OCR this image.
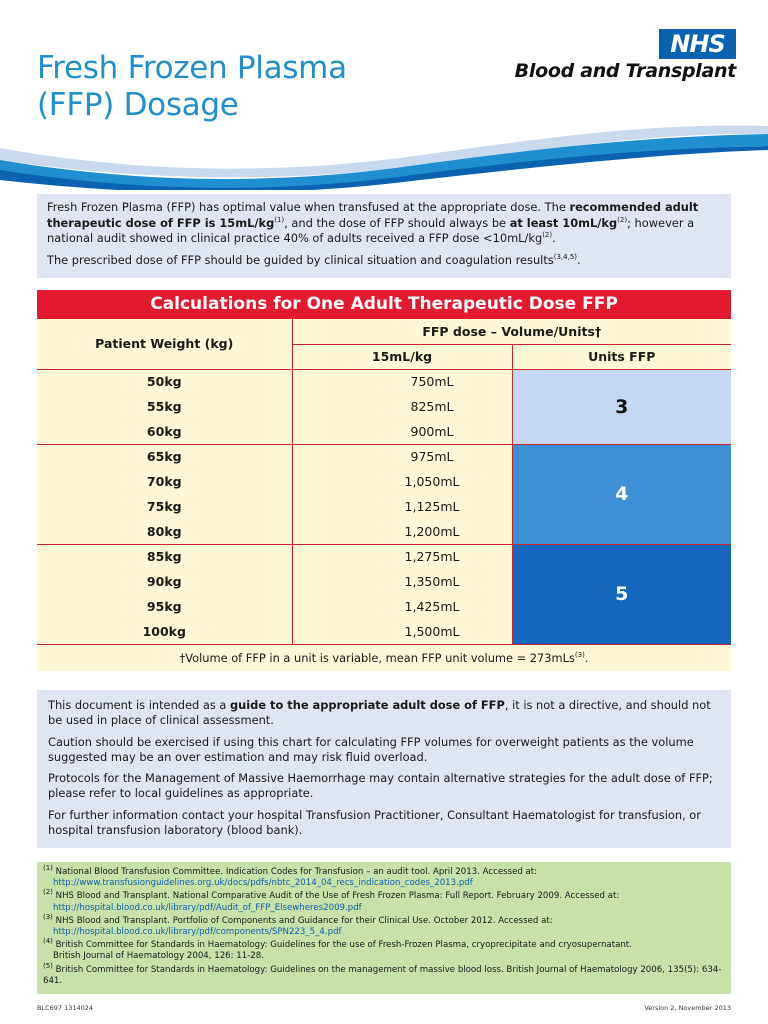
Fresh Frozen Plasma
(FFP) Dosage
NHS
Blood and Transplant

Fresh Frozen Plasma (FFP) has optimal value when transfused at the appropriate dose. The recommended adult therapeutic dose of FFP is $15mL/kg^{(1)}$, and the dose of FFP should always be at least $10mL/kg^{(2)}$; however a national audit showed in clinical practice 40% of adults received a FFP dose $<10mL/kg^{(2)}$.

The prescribed dose of FFP should be guided by clinical situation and coagulation results$^{(3,4,5)}$.

Calculations for One Adult Therapeutic Dose FFP
Patient Weight (kg)	FFP dose – Volume/Units†	
	15mL/kg	Units FFP
50kg	750mL	3
55kg	825mL	
60kg	900mL	
65kg	975mL	4
70kg	1,050mL	
75kg	1,125mL	
80kg	1,200mL	
85kg	1,275mL	5
90kg	1,350mL	
95kg	1,425mL	
100kg	1,500mL	
†Volume of FFP in a unit is variable, mean FFP unit volume = 273mLs$^{(3)}$.

This document is intended as a guide to the appropriate adult dose of FFP, it is not a directive, and should not be used in place of clinical assessment.

Caution should be exercised if using this chart for calculating FFP volumes for overweight patients as the volume suggested may be an over estimation and may risk fluid overload.

Protocols for the Management of Massive Haemorrhage may contain alternative strategies for the adult dose of FFP; please refer to local guidelines as appropriate.

For further information contact your hospital Transfusion Practitioner, Consultant Haematologist for transfusion, or hospital transfusion laboratory (blood bank).

$^{(1)}$ National Blood Transfusion Committee. Indication Codes for Transfusion – an audit tool. April 2013. Accessed at:
http://www.transfusionguidelines.org.uk/docs/pdfs/nbtc_2014_04_recs_indication_codes_2013.pdf
$^{(2)}$ NHS Blood and Transplant. National Comparative Audit of the Use of Fresh Frozen Plasma: Full Report. February 2009. Accessed at:
http://hospital.blood.co.uk/library/pdf/Audit_of_FFP_Elsewheres2009.pdf
$^{(3)}$ NHS Blood and Transplant. Portfolio of Components and Guidance for their Clinical Use. October 2012. Accessed at:
http://hospital.blood.co.uk/library/pdf/components/SPN223_5_4.pdf
$^{(4)}$ British Committee for Standards in Haematology: Guidelines for the use of Fresh-Frozen Plasma, cryoprecipitate and cryosupernatant.
British Journal of Haematology 2004, 126: 11-28.
$^{(5)}$ British Committee for Standards in Haematology: Guidelines on the management of massive blood loss. British Journal of Haematology 2006, 135(5): 634-641.
BLC697 1314024	Version 2, November 2013
